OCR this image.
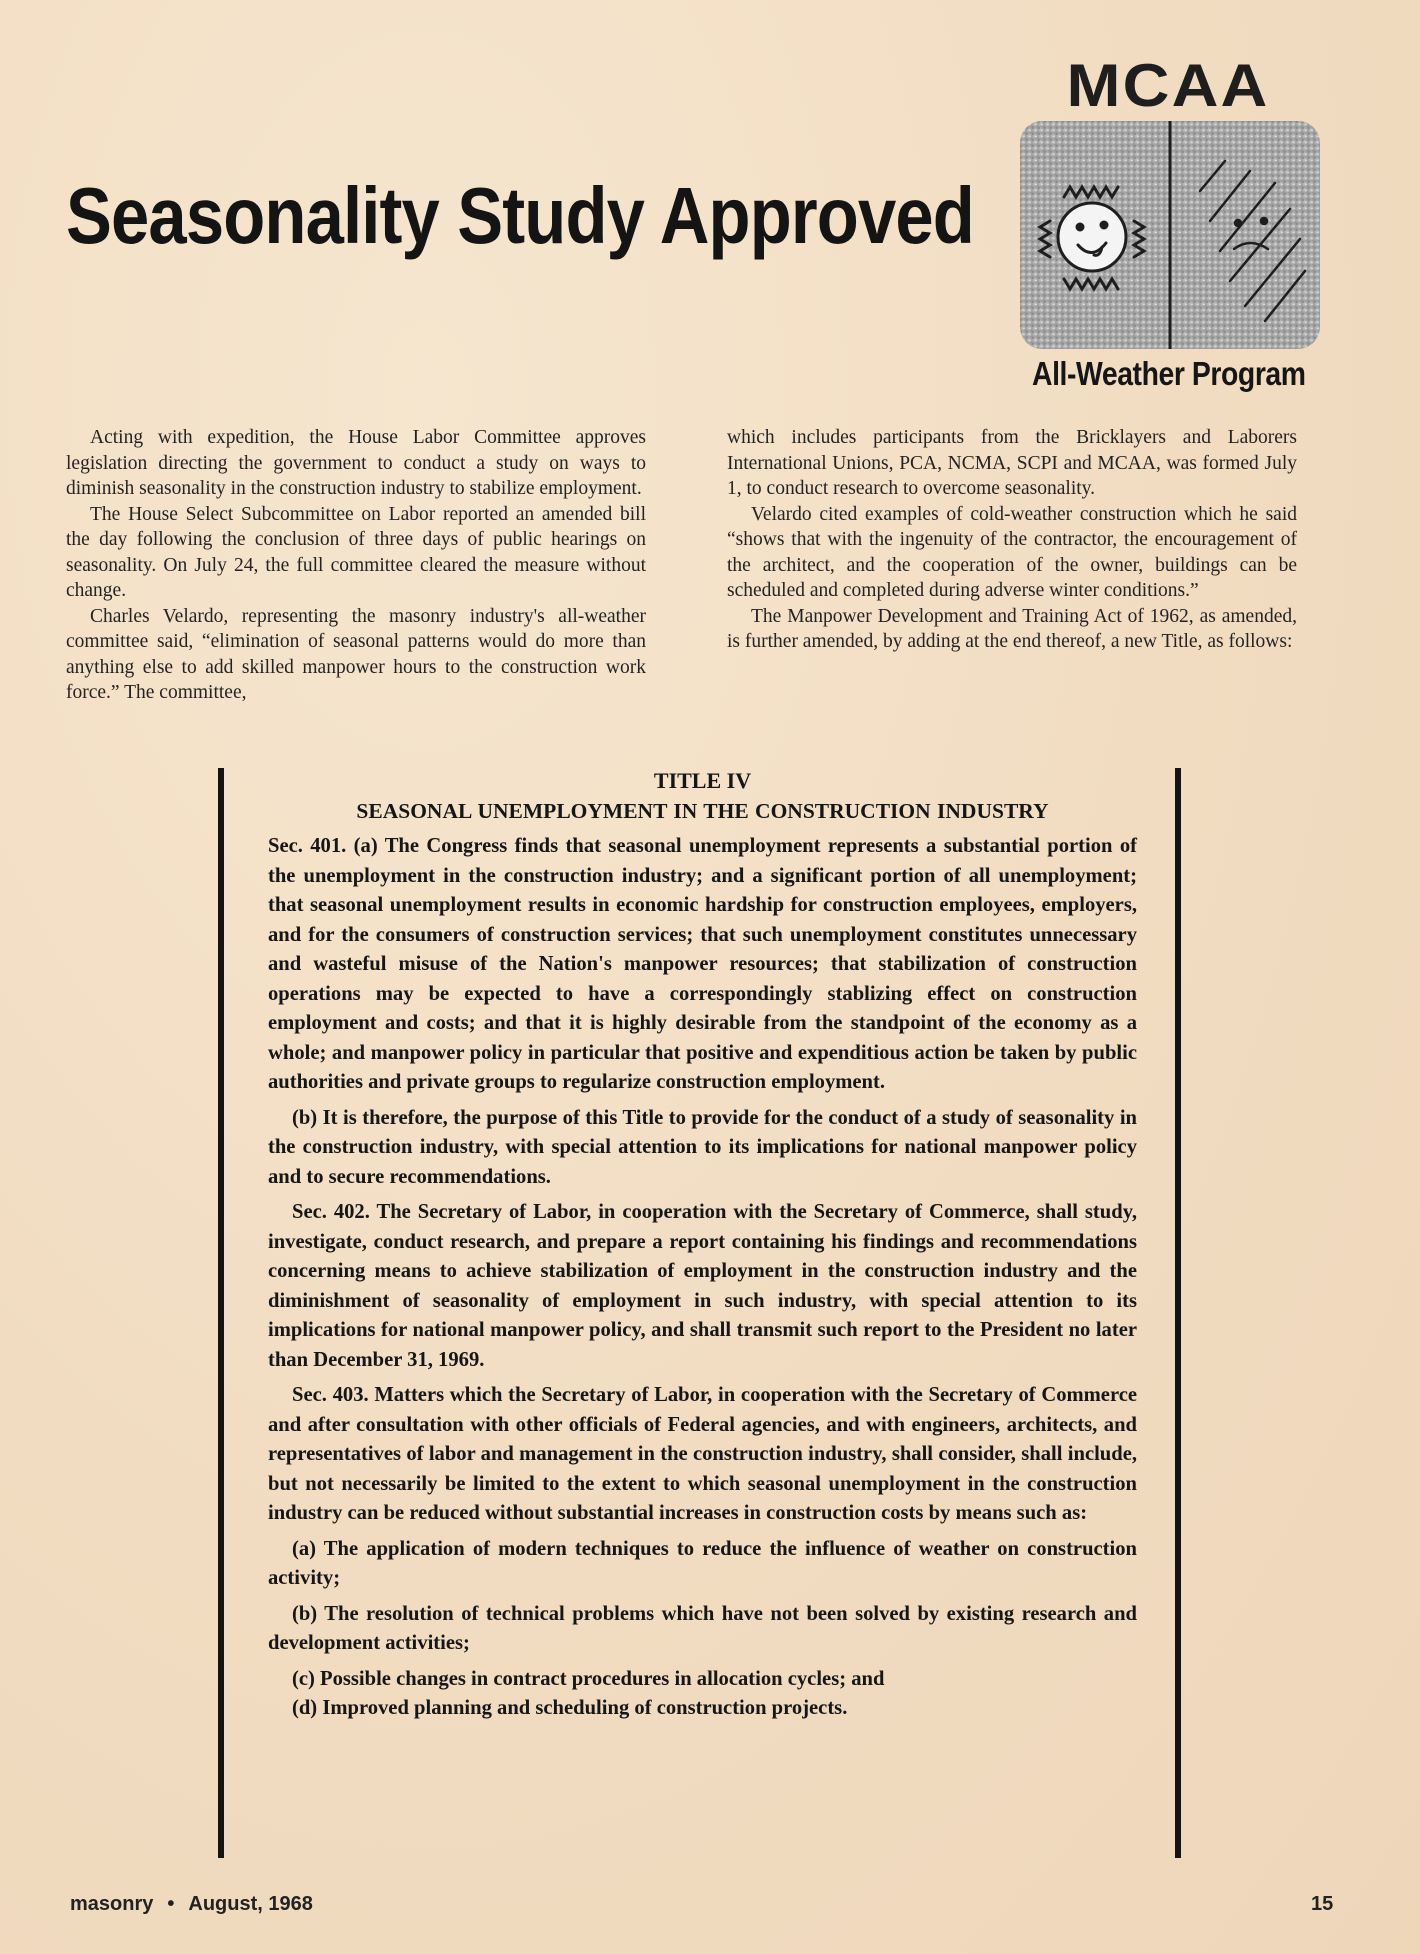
Seasonality Study Approved
MCAA
All-Weather Program

Acting with expedition, the House Labor Committee approves legislation directing the government to conduct a study on ways to diminish seasonality in the construction industry to stabilize employment.

The House Select Subcommittee on Labor reported an amended bill the day following the conclusion of three days of public hearings on seasonality. On July 24, the full committee cleared the measure without change.

Charles Velardo, representing the masonry industry's all-weather committee said, “elimination of seasonal patterns would do more than anything else to add skilled manpower hours to the construction work force.” The committee,

which includes participants from the Bricklayers and Laborers International Unions, PCA, NCMA, SCPI and MCAA, was formed July 1, to conduct research to overcome seasonality.

Velardo cited examples of cold-weather construction which he said “shows that with the ingenuity of the contractor, the encouragement of the architect, and the cooperation of the owner, buildings can be scheduled and completed during adverse winter conditions.”

The Manpower Development and Training Act of 1962, as amended, is further amended, by adding at the end thereof, a new Title, as follows:

TITLE IV
SEASONAL UNEMPLOYMENT IN THE CONSTRUCTION INDUSTRY

Sec. 401. (a) The Congress finds that seasonal unemployment represents a substantial portion of the unemployment in the construction industry; and a significant portion of all unemployment; that seasonal unemployment results in economic hardship for construction employees, employers, and for the consumers of construction services; that such unemployment constitutes unnecessary and wasteful misuse of the Nation's manpower resources; that stabilization of construction operations may be expected to have a correspondingly stablizing effect on construction employment and costs; and that it is highly desirable from the standpoint of the economy as a whole; and manpower policy in particular that positive and expenditious action be taken by public authorities and private groups to regularize construction employment.

(b) It is therefore, the purpose of this Title to provide for the conduct of a study of seasonality in the construction industry, with special attention to its implications for national manpower policy and to secure recommendations.

Sec. 402. The Secretary of Labor, in cooperation with the Secretary of Commerce, shall study, investigate, conduct research, and prepare a report containing his findings and recommendations concerning means to achieve stabilization of employment in the construction industry and the diminishment of seasonality of employment in such industry, with special attention to its implications for national manpower policy, and shall transmit such report to the President no later than December 31, 1969.

Sec. 403. Matters which the Secretary of Labor, in cooperation with the Secretary of Commerce and after consultation with other officials of Federal agencies, and with engineers, architects, and representatives of labor and management in the construction industry, shall consider, shall include, but not necessarily be limited to the extent to which seasonal unemployment in the construction industry can be reduced without substantial increases in construction costs by means such as:

(a) The application of modern techniques to reduce the influence of weather on construction activity;

(b) The resolution of technical problems which have not been solved by existing research and development activities;

(c) Possible changes in contract procedures in allocation cycles; and

(d) Improved planning and scheduling of construction projects.

masonry • August, 1968	15
